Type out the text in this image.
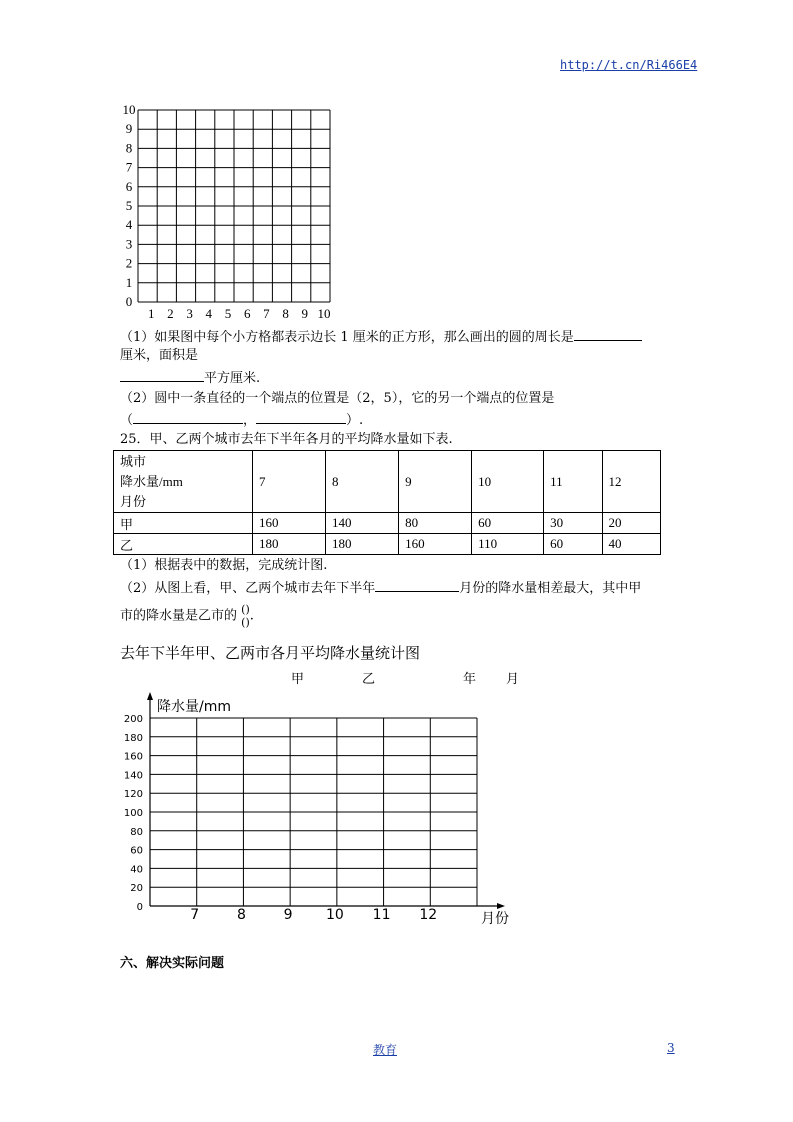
http://t.cn/Ri466E4
10
9
8
7
6
5
4
3
2
1
0
1 2 3 4 5 6 7 8 9 10
（1）如果图中每个小方格都表示边长 1 厘米的正方形，那么画出的圆的周长是
厘米，面积是
平方厘米.
（2）圆中一条直径的一个端点的位置是（2，5），它的另一个端点的位置是
（	，	）.
25．甲、乙两个城市去年下半年各月的平均降水量如下表.
城市
降水量/mm
月份	7	8	9	10	11	12
甲	160	140	80	60	30	20
乙	180	180	160	110	60	40
（1）根据表中的数据，完成统计图.
（2）从图上看，甲、乙两个城市去年下半年	月份的降水量相差最大，其中甲
市的降水量是乙市的 ()
() .
去年下半年甲、乙两市各月平均降水量统计图
甲	乙	年 月
200
180
160
140
120
100
80
60
40
20
0
降水量/mm
月份
7	8	9 10 11 12
六、解决实际问题
教育	3
